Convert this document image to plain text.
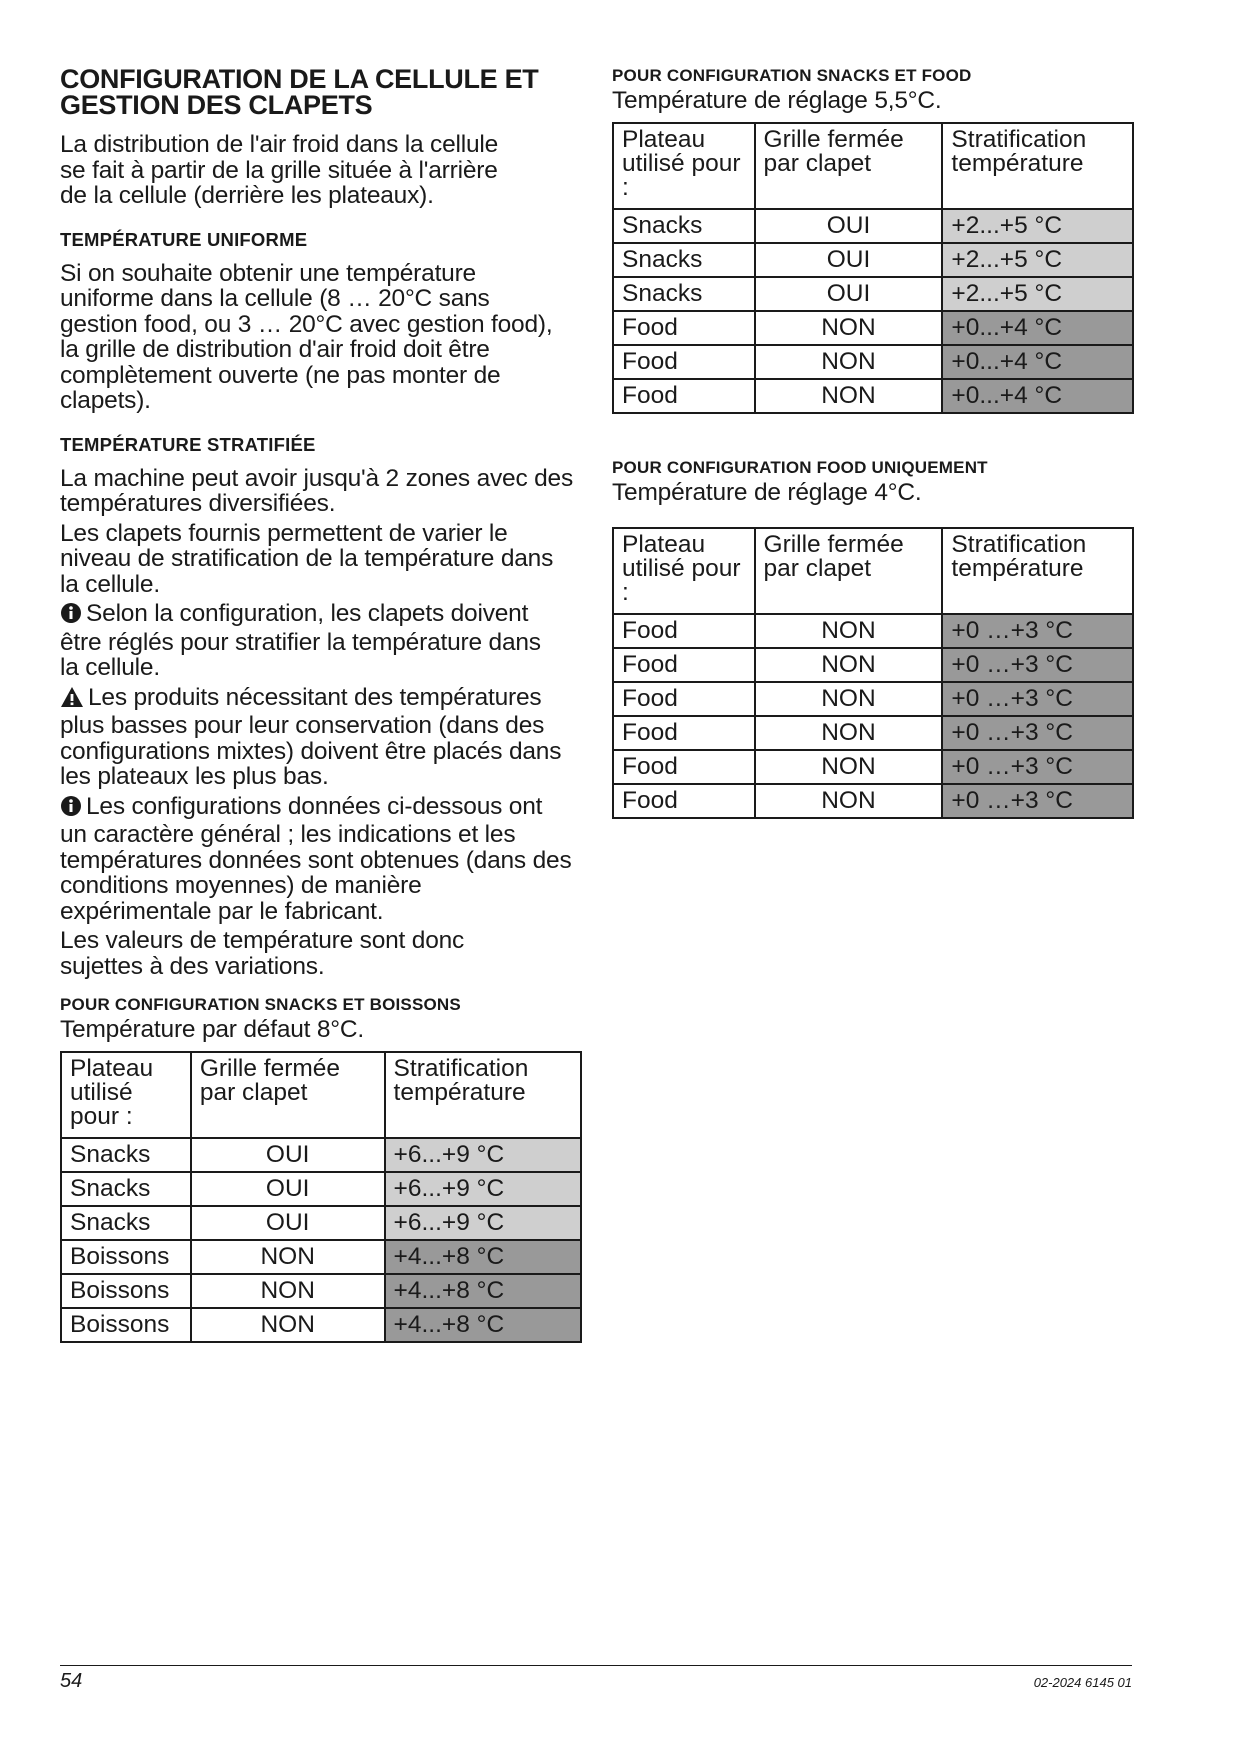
CONFIGURATION DE LA CELLULE ET GESTION DES CLAPETS

La distribution de l'air froid dans la cellule se fait à partir de la grille située à l'arrière de la cellule (derrière les plateaux).

TEMPÉRATURE UNIFORME

Si on souhaite obtenir une température uniforme dans la cellule (8 … 20°C sans gestion food, ou 3 … 20°C avec gestion food), la grille de distribution d'air froid doit être complètement ouverte (ne pas monter de clapets).

TEMPÉRATURE STRATIFIÉE

La machine peut avoir jusqu'à 2 zones avec des températures diversifiées.

Les clapets fournis permettent de varier le niveau de stratification de la température dans la cellule.

Selon la configuration, les clapets doivent être réglés pour stratifier la température dans la cellule.

Les produits nécessitant des températures plus basses pour leur conservation (dans des configurations mixtes) doivent être placés dans les plateaux les plus bas.

Les configurations données ci-dessous ont un caractère général ; les indications et les températures données sont obtenues (dans des conditions moyennes) de manière expérimentale par le fabricant.

Les valeurs de température sont donc sujettes à des variations.

POUR CONFIGURATION SNACKS ET BOISSONS

Température par défaut 8°C.

Plateau utilisé pour :	Grille fermée par clapet	Stratification température
Snacks	OUI	+6...+9 °C
Snacks	OUI	+6...+9 °C
Snacks	OUI	+6...+9 °C
Boissons	NON	+4...+8 °C
Boissons	NON	+4...+8 °C
Boissons	NON	+4...+8 °C
POUR CONFIGURATION SNACKS ET FOOD

Température de réglage 5,5°C.

Plateau utilisé pour :	Grille fermée par clapet	Stratification température
Snacks	OUI	+2...+5 °C
Snacks	OUI	+2...+5 °C
Snacks	OUI	+2...+5 °C
Food	NON	+0...+4 °C
Food	NON	+0...+4 °C
Food	NON	+0...+4 °C
POUR CONFIGURATION FOOD UNIQUEMENT

Température de réglage 4°C.

Plateau utilisé pour :	Grille fermée par clapet	Stratification température
Food	NON	+0 …+3 °C
Food	NON	+0 …+3 °C
Food	NON	+0 …+3 °C
Food	NON	+0 …+3 °C
Food	NON	+0 …+3 °C
Food	NON	+0 …+3 °C
54	02-2024 6145 01
